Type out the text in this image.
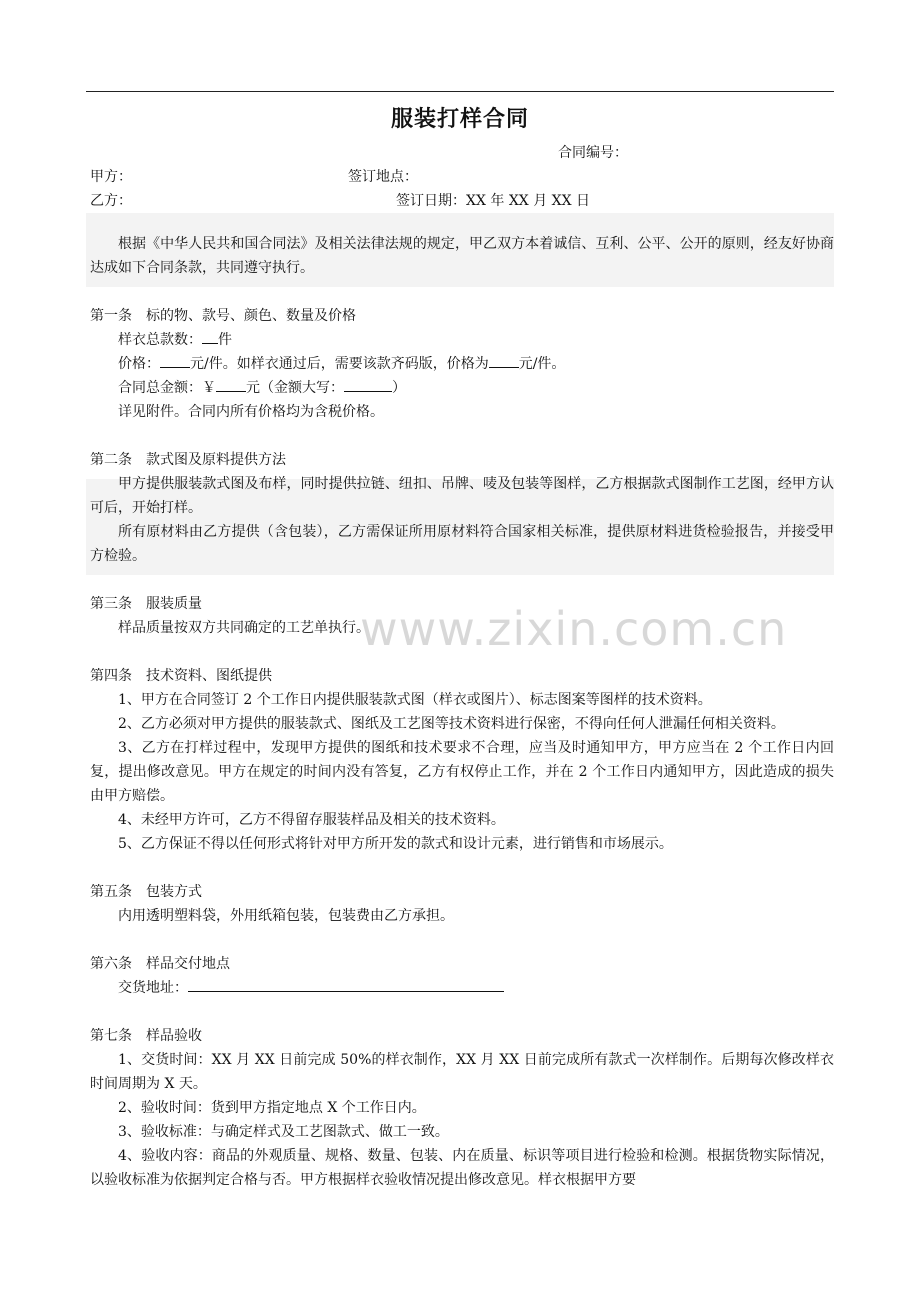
服装打样合同
合同编号：
甲方：	签订地点：
乙方：	签订日期：XX 年 XX 月 XX 日

根据《中华人民共和国合同法》及相关法律法规的规定，甲乙双方本着诚信、互利、公平、公开的原则，经友好协商达成如下合同条款，共同遵守执行。

第一条　标的物、款号、颜色、数量及价格

样衣总款数： 件

价格： 元/件。如样衣通过后，需要该款齐码版，价格为 元/件。

合同总金额：￥ 元（金额大写：	）

详见附件。合同内所有价格均为含税价格。

第二条　款式图及原料提供方法

甲方提供服装款式图及布样，同时提供拉链、纽扣、吊牌、唛及包装等图样，乙方根据款式图制作工艺图，经甲方认可后，开始打样。

所有原材料由乙方提供（含包装），乙方需保证所用原材料符合国家相关标准，提供原材料进货检验报告，并接受甲方检验。

第三条　服装质量

样品质量按双方共同确定的工艺单执行。

第四条　技术资料、图纸提供

1、甲方在合同签订 2 个工作日内提供服装款式图（样衣或图片）、标志图案等图样的技术资料。

2、乙方必须对甲方提供的服装款式、图纸及工艺图等技术资料进行保密，不得向任何人泄漏任何相关资料。

3、乙方在打样过程中，发现甲方提供的图纸和技术要求不合理，应当及时通知甲方，甲方应当在 2 个工作日内回复，提出修改意见。甲方在规定的时间内没有答复，乙方有权停止工作，并在 2 个工作日内通知甲方，因此造成的损失由甲方赔偿。

4、未经甲方许可，乙方不得留存服装样品及相关的技术资料。

5、乙方保证不得以任何形式将针对甲方所开发的款式和设计元素，进行销售和市场展示。

第五条　包装方式

内用透明塑料袋，外用纸箱包装，包装费由乙方承担。

第六条　样品交付地点

交货地址：

第七条　样品验收

1、交货时间：XX 月 XX 日前完成 50%的样衣制作，XX 月 XX 日前完成所有款式一次样制作。后期每次修改样衣时间周期为 X 天。

2、验收时间：货到甲方指定地点 X 个工作日内。

3、验收标准：与确定样式及工艺图款式、做工一致。

4、验收内容：商品的外观质量、规格、数量、包装、内在质量、标识等项目进行检验和检测。根据货物实际情况，以验收标准为依据判定合格与否。甲方根据样衣验收情况提出修改意见。样衣根据甲方要

www.zixin.com.cn
